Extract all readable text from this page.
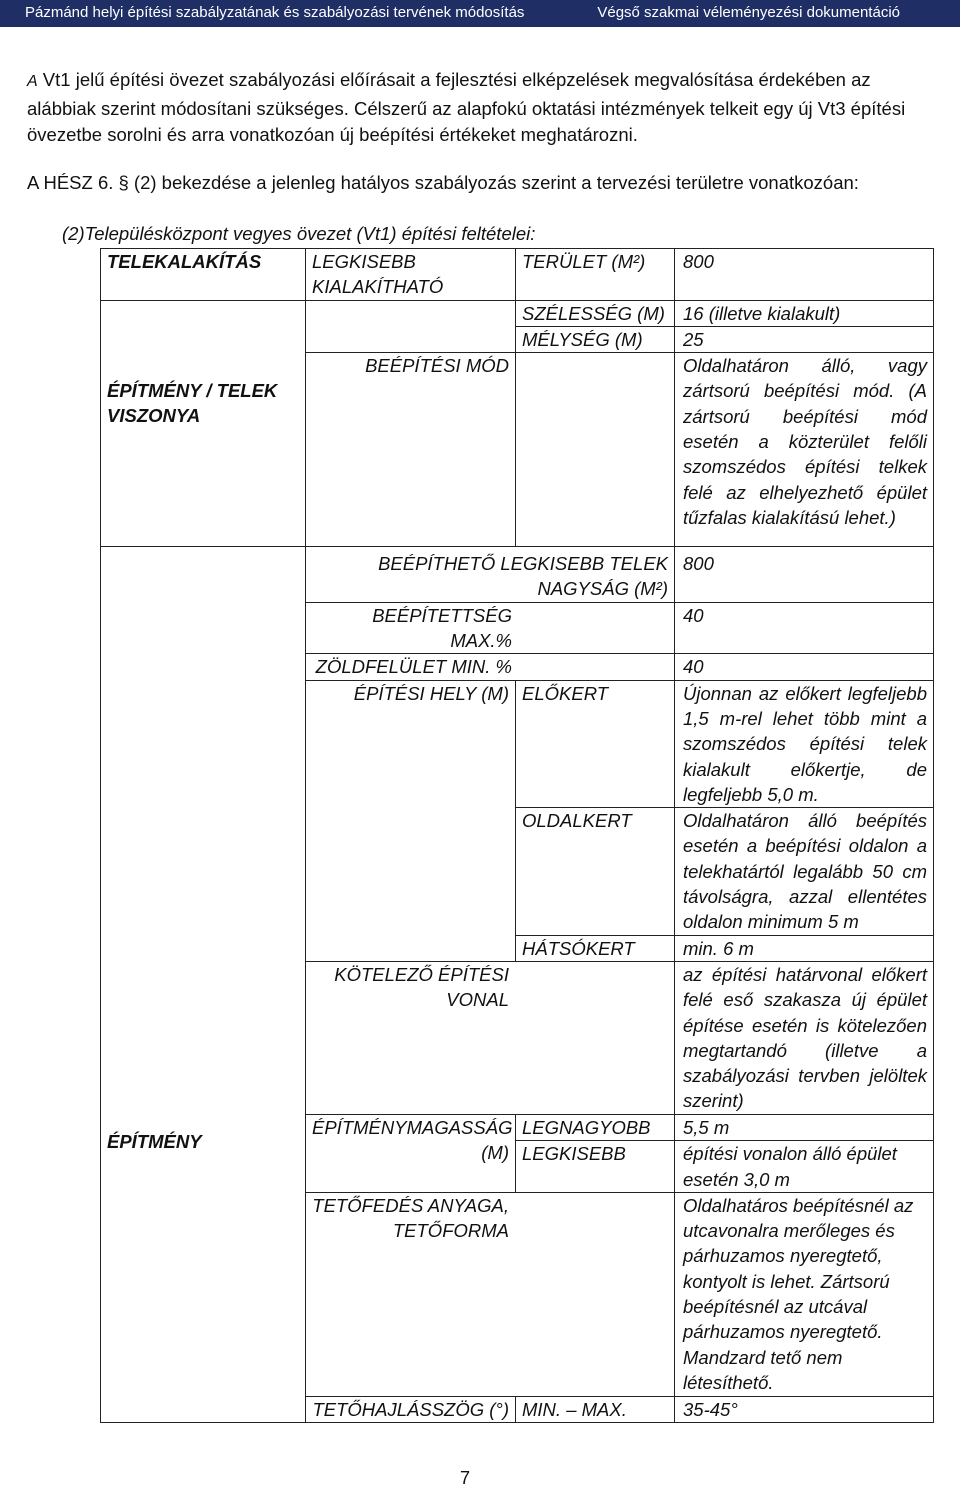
Pázmánd helyi építési szabályzatának és szabályozási tervének módosítás	Végső szakmai véleményezési dokumentáció
A Vt1 jelű építési övezet szabályozási előírásait a fejlesztési elképzelések megvalósítása érdekében az alábbiak szerint módosítani szükséges. Célszerű az alapfokú oktatási intézmények telkeit egy új Vt3 építési övezetbe sorolni és arra vonatkozóan új beépítési értékeket meghatározni.
A HÉSZ 6. § (2) bekezdése a jelenleg hatályos szabályozás szerint a tervezési területre vonatkozóan:
(2)Településközpont vegyes övezet (Vt1) építési feltételei:
TELEKALAKÍTÁS	LEGKISEBB KIALAKÍTHATÓ	TERÜLET (M²)	800
		SZÉLESSÉG (M)	16 (illetve kialakult)
		MÉLYSÉG (M)	25
ÉPÍTMÉNY / TELEK VISZONYA	BEÉPÍTÉSI MÓD		Oldalhatáron álló, vagy zártsorú beépítési mód. (A zártsorú beépítési mód esetén a közterület felőli szomszédos építési telkek felé az elhelyezhető épület tűzfalas kialakítású lehet.)
	BEÉPÍTHETŐ LEGKISEBB TELEK NAGYSÁG (M²)		800
	BEÉPÍTETTSÉG MAX.%		40
	ZÖLDFELÜLET MIN. %		40
	ÉPÍTÉSI HELY (M)	ELŐKERT	Újonnan az előkert legfeljebb 1,5 m-rel lehet több mint a szomszédos építési telek kialakult előkertje, de legfeljebb 5,0 m.
		OLDALKERT	Oldalhatáron álló beépítés esetén a beépítési oldalon a telekhatártól legalább 50 cm távolságra, azzal ellentétes oldalon minimum 5 m
		HÁTSÓKERT	min. 6 m
	KÖTELEZŐ ÉPÍTÉSI VONAL		az építési határvonal előkert felé eső szakasza új épület építése esetén is kötelezően megtartandó (illetve a szabályozási tervben jelöltek szerint)
ÉPÍTMÉNY	ÉPÍTMÉNYMAGASSÁG (M)	LEGNAGYOBB	5,5 m
		LEGKISEBB	építési vonalon álló épület esetén 3,0 m
	TETŐFEDÉS ANYAGA, TETŐFORMA		Oldalhatáros beépítésnél az utcavonalra merőleges és párhuzamos nyeregtető, kontyolt is lehet. Zártsorú beépítésnél az utcával párhuzamos nyeregtető. Mandzard tető nem létesíthető.
	TETŐHAJLÁSSZÖG (°)	MIN. – MAX.	35-45°
7
